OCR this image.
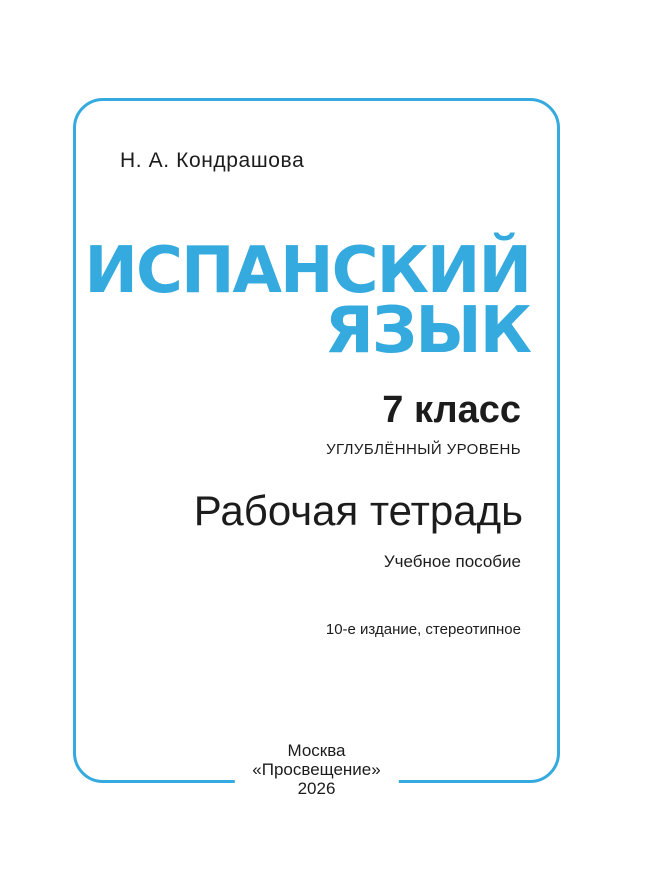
Н. А. Кондрашова
ИСПАНСКИЙ
ЯЗЫК
7 класс
УГЛУБЛЁННЫЙ УРОВЕНЬ
Рабочая тетрадь
Учебное пособие
10-е издание, стереотипное
Москва
«Просвещение»
2026
